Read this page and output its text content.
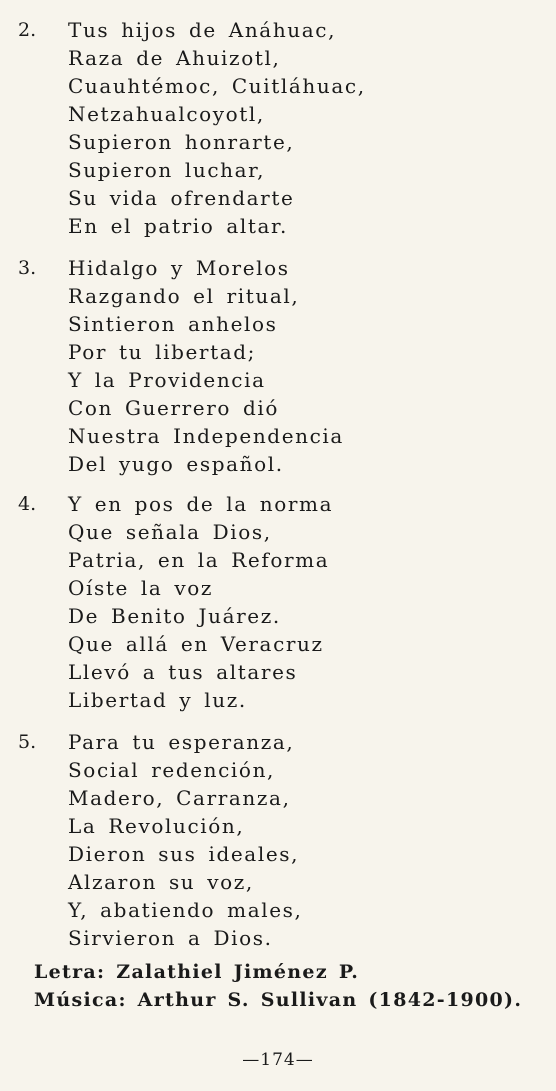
2. Tus hijos de Anáhuac,
Raza de Ahuizotl,
Cuauhtémoc, Cuitláhuac,
Netzahualcoyotl,
Supieron honrarte,
Supieron luchar,
Su vida ofrendarte
En el patrio altar.
3. Hidalgo y Morelos
Razgando el ritual,
Sintieron anhelos
Por tu libertad;
Y la Providencia
Con Guerrero dió
Nuestra Independencia
Del yugo español.
4. Y en pos de la norma
Que señala Dios,
Patria, en la Reforma
Oíste la voz
De Benito Juárez.
Que allá en Veracruz
Llevó a tus altares
Libertad y luz.
5. Para tu esperanza,
Social redención,
Madero, Carranza,
La Revolución,
Dieron sus ideales,
Alzaron su voz,
Y, abatiendo males,
Sirvieron a Dios.
Letra: Zalathiel Jiménez P.
Música: Arthur S. Sullivan (1842-1900).
—174—
